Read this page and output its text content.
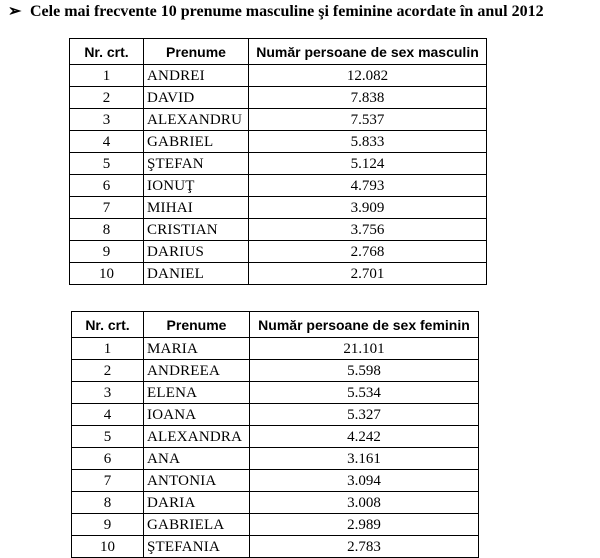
➢ Cele mai frecvente 10 prenume masculine şi feminine acordate în anul 2012
Nr. crt.	Prenume	Număr persoane de sex masculin
1	ANDREI	12.082
2	DAVID	7.838
3	ALEXANDRU	7.537
4	GABRIEL	5.833
5	ŞTEFAN	5.124
6	IONUŢ	4.793
7	MIHAI	3.909
8	CRISTIAN	3.756
9	DARIUS	2.768
10	DANIEL	2.701
Nr. crt.	Prenume	Număr persoane de sex feminin
1	MARIA	21.101
2	ANDREEA	5.598
3	ELENA	5.534
4	IOANA	5.327
5	ALEXANDRA	4.242
6	ANA	3.161
7	ANTONIA	3.094
8	DARIA	3.008
9	GABRIELA	2.989
10	ŞTEFANIA	2.783
